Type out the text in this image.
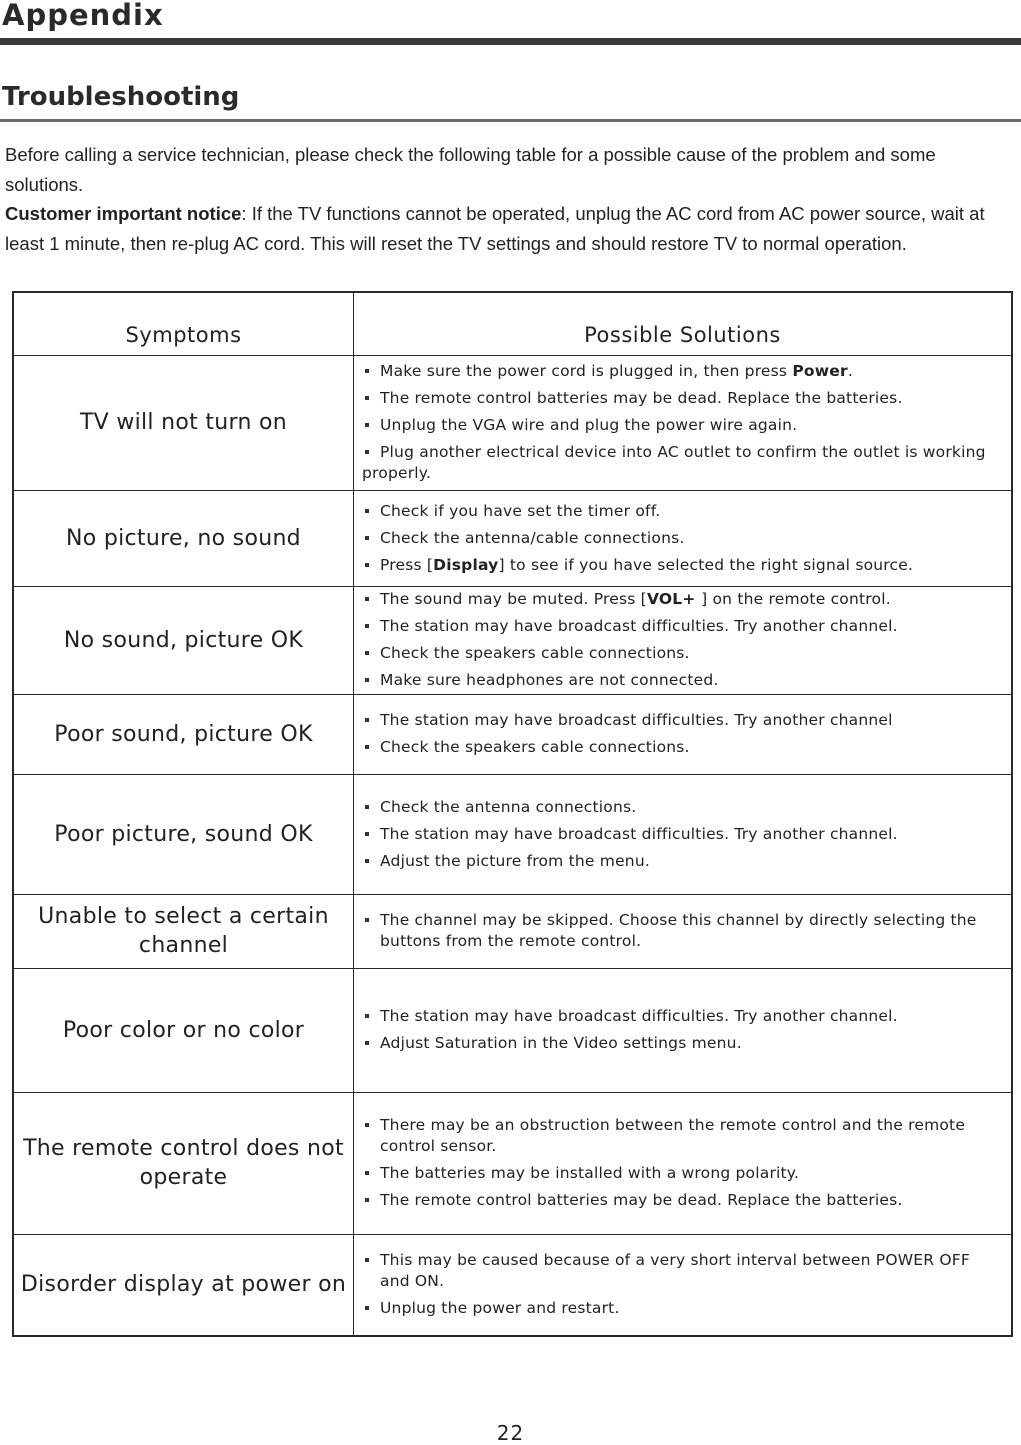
Appendix
Troubleshooting

Before calling a service technician, please check the following table for a possible cause of the problem and some solutions.

Customer important notice: If the TV functions cannot be operated, unplug the AC cord from AC power source, wait at least 1 minute, then re-plug AC cord. This will reset the TV settings and should restore TV to normal operation.

Symptoms	Possible Solutions
TV will not turn on
Make sure the power cord is plugged in, then press Power.
The remote control batteries may be dead. Replace the batteries.
Unplug the VGA wire and plug the power wire again.
Plug another electrical device into AC outlet to confirm the outlet is working properly.
No picture, no sound
Check if you have set the timer off.
Check the antenna/cable connections.
Press [Display] to see if you have selected the right signal source.
No sound, picture OK
The sound may be muted. Press [VOL+ ] on the remote control.
The station may have broadcast difficulties. Try another channel.
Check the speakers cable connections.
Make sure headphones are not connected.
Poor sound, picture OK
The station may have broadcast difficulties. Try another channel
Check the speakers cable connections.
Poor picture, sound OK
Check the antenna connections.
The station may have broadcast difficulties. Try another channel.
Adjust the picture from the menu.
Unable to select a certain channel
The channel may be skipped. Choose this channel by directly selecting the buttons from the remote control.
Poor color or no color
The station may have broadcast difficulties. Try another channel.
Adjust Saturation in the Video settings menu.
The remote control does not operate
There may be an obstruction between the remote control and the remote control sensor.
The batteries may be installed with a wrong polarity.
The remote control batteries may be dead. Replace the batteries.
Disorder display at power on
This may be caused because of a very short interval between POWER OFF and ON.
Unplug the power and restart.
22
